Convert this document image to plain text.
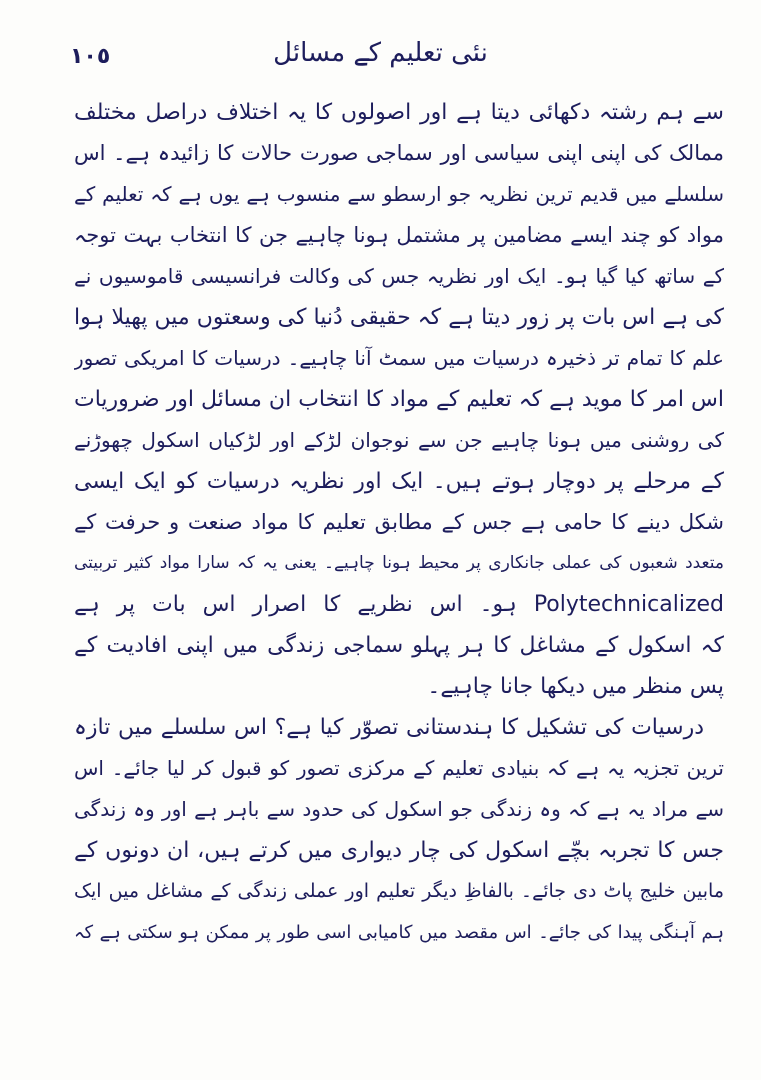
١٠٥	نئی تعلیم کے مسائل
سے ہم رشتہ دکھائی دیتا ہے اور اصولوں کا یہ اختلاف دراصل مختلف
ممالک کی اپنی اپنی سیاسی اور سماجی صورت حالات کا زائیدہ ہے۔ اس
سلسلے میں قدیم ترین نظریہ جو ارسطو سے منسوب ہے یوں ہے کہ تعلیم کے
مواد کو چند ایسے مضامین پر مشتمل ہونا چاہیے جن کا انتخاب بہت توجہ
کے ساتھ کیا گیا ہو۔ ایک اور نظریہ جس کی وکالت فرانسیسی قاموسیوں نے
کی ہے اس بات پر زور دیتا ہے کہ حقیقی دُنیا کی وسعتوں میں پھیلا ہوا
علم کا تمام تر ذخیرہ درسیات میں سمٹ آنا چاہیے۔ درسیات کا امریکی تصور
اس امر کا موید ہے کہ تعلیم کے مواد کا انتخاب ان مسائل اور ضروریات
کی روشنی میں ہونا چاہیے جن سے نوجوان لڑکے اور لڑکیاں اسکول چھوڑنے
کے مرحلے پر دوچار ہوتے ہیں۔ ایک اور نظریہ درسیات کو ایک ایسی
شکل دینے کا حامی ہے جس کے مطابق تعلیم کا مواد صنعت و حرفت کے
متعدد شعبوں کی عملی جانکاری پر محیط ہونا چاہیے۔ یعنی یہ کہ سارا مواد کثیر تربیتی
Polytechnicalized ہو۔ اس نظریے کا اصرار اس بات پر ہے
کہ اسکول کے مشاغل کا ہر پہلو سماجی زندگی میں اپنی افادیت کے
پس منظر میں دیکھا جانا چاہیے۔
درسیات کی تشکیل کا ہندستانی تصوّر کیا ہے؟ اس سلسلے میں تازہ
ترین تجزیہ یہ ہے کہ بنیادی تعلیم کے مرکزی تصور کو قبول کر لیا جائے۔ اس
سے مراد یہ ہے کہ وہ زندگی جو اسکول کی حدود سے باہر ہے اور وہ زندگی
جس کا تجربہ بچّے اسکول کی چار دیواری میں کرتے ہیں، ان دونوں کے
مابین خلیج پاٹ دی جائے۔ بالفاظِ دیگر تعلیم اور عملی زندگی کے مشاغل میں ایک
ہم آہنگی پیدا کی جائے۔ اس مقصد میں کامیابی اسی طور پر ممکن ہو سکتی ہے کہ
